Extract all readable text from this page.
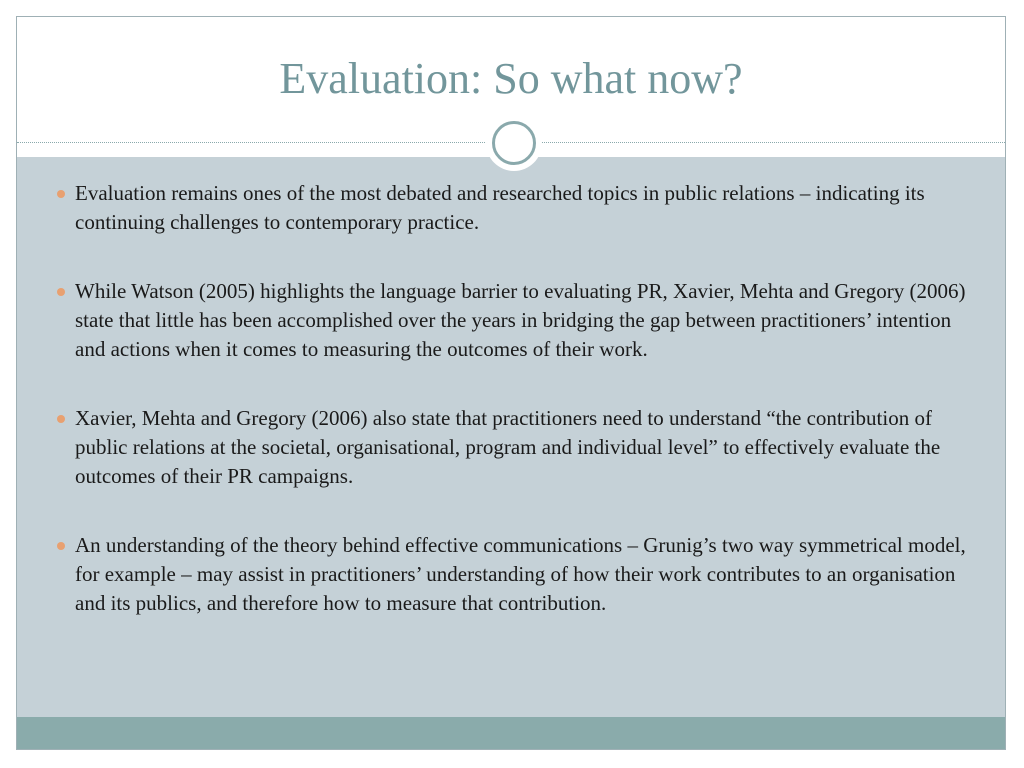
Evaluation: So what now?
Evaluation remains ones of the most debated and researched topics in public relations – indicating its continuing challenges to contemporary practice.
While Watson (2005) highlights the language barrier to evaluating PR, Xavier, Mehta and Gregory (2006) state that little has been accomplished over the years in bridging the gap between practitioners’ intention and actions when it comes to measuring the outcomes of their work.
Xavier, Mehta and Gregory (2006) also state that practitioners need to understand “the contribution of public relations at the societal, organisational, program and individual level” to effectively evaluate the outcomes of their PR campaigns.
An understanding of the theory behind effective communications – Grunig’s two way symmetrical model, for example – may assist in practitioners’ understanding of how their work contributes to an organisation and its publics, and therefore how to measure that contribution.
